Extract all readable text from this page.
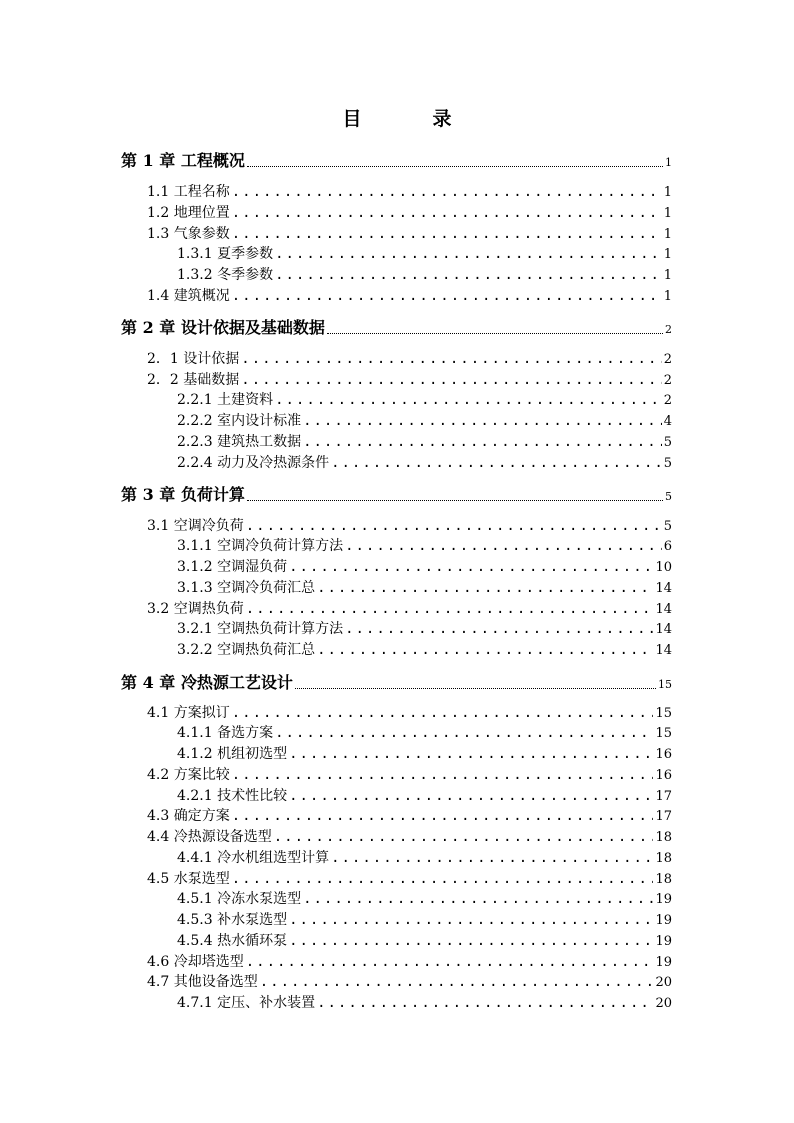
目　录
第 1 章 工程概况	1
1.1 工程名称 .....	1
1.2 地理位置 .....	1
1.3 气象参数 .....	1
1.3.1 夏季参数 .....	1
1.3.2 冬季参数 .....	1
1.4 建筑概况 .....	1
第 2 章 设计依据及基础数据	2
2．1 设计依据 .....	2
2．2 基础数据 .....	2
2.2.1 土建资料 .....	2
2.2.2 室内设计标准 .....	4
2.2.3 建筑热工数据 .....	5
2.2.4 动力及冷热源条件 .....	5
第 3 章 负荷计算	5
3.1 空调冷负荷 .....	5
3.1.1 空调冷负荷计算方法 .....	6
3.1.2 空调湿负荷 .....	10
3.1.3 空调冷负荷汇总 .....	14
3.2 空调热负荷 .....	14
3.2.1 空调热负荷计算方法 .....	14
3.2.2 空调热负荷汇总 .....	14
第 4 章 冷热源工艺设计	15
4.1 方案拟订 .....	15
4.1.1 备选方案 .....	15
4.1.2 机组初选型 .....	16
4.2 方案比较 .....	16
4.2.1 技术性比较 .....	17
4.3 确定方案 .....	17
4.4 冷热源设备选型 .....	18
4.4.1 冷水机组选型计算 .....	18
4.5 水泵选型 .....	18
4.5.1 冷冻水泵选型 .....	19
4.5.3 补水泵选型 .....	19
4.5.4 热水循环泵 .....	19
4.6 冷却塔选型 .....	19
4.7 其他设备选型 .....	20
4.7.1 定压、补水装置 .....	20
